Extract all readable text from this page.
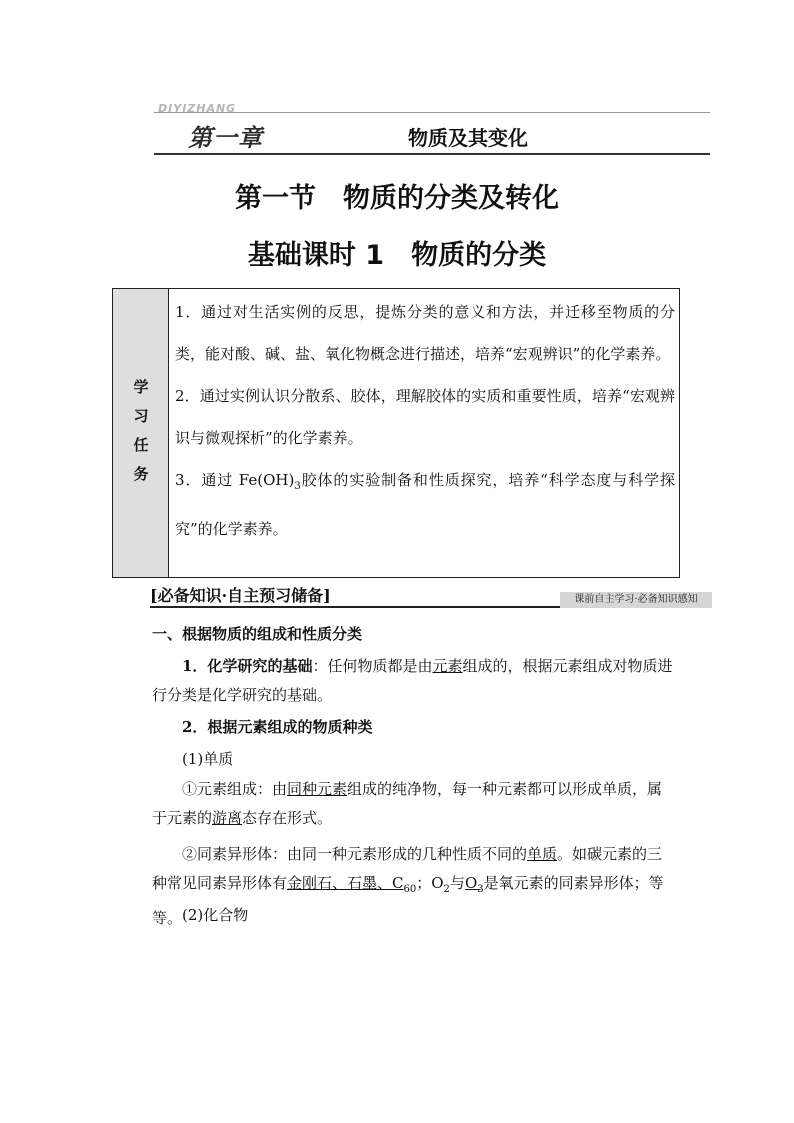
DIYIZHANG
第一章	物质及其变化
第一节　物质的分类及转化
基础课时 1　物质的分类
学
习
任
务

1．通过对生活实例的反思，提炼分类的意义和方法，并迁移至物质的分类，能对酸、碱、盐、氧化物概念进行描述，培养“宏观辨识”的化学素养。

2．通过实例认识分散系、胶体，理解胶体的实质和重要性质，培养“宏观辨识与微观探析”的化学素养。

3．通过 $Fe(OH)_3$胶体的实验制备和性质探究，培养“科学态度与科学探究”的化学素养。

[必备知识·自主预习储备]	课前自主学习·必备知识感知
一、根据物质的组成和性质分类
1．化学研究的基础：任何物质都是由元素组成的，根据元素组成对物质进行分类是化学研究的基础。
2．根据元素组成的物质种类
(1)单质
①元素组成：由同种元素组成的纯净物，每一种元素都可以形成单质，属于元素的游离态存在形式。
②同素异形体：由同一种元素形成的几种性质不同的单质。如碳元素的三种常见同素异形体有金刚石、石墨、$C_{60}$；$O_2$与$O_3$是氧元素的同素异形体；等等。 (2)化合物
